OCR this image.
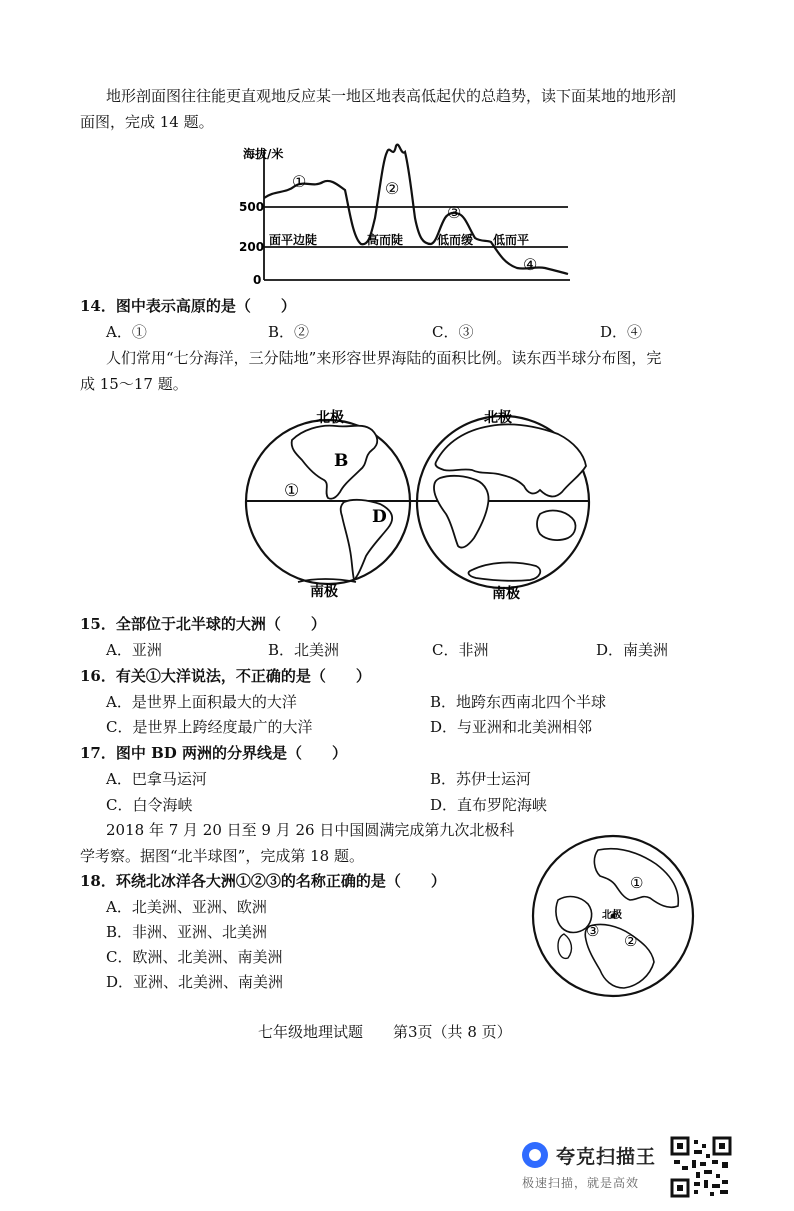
地形剖面图往往能更直观地反应某一地区地表高低起伏的总趋势，读下面某地的地形剖
面图，完成 14 题。
海拔/米
500
200
0
面平边陡	高而陡	低而缓 低而平
①	②
③
④
14．图中表示高原的是（　　）
A．①	B．②	C．③	D．④
人们常用“七分海洋，三分陆地”来形容世界海陆的面积比例。读东西半球分布图，完
成 15～17 题。
北极	北极
南极	南极
B
D
①
15．全部位于北半球的大洲（　　）
A．亚洲	B．北美洲	C．非洲	D．南美洲
16．有关①大洋说法，不正确的是（　　）
A．是世界上面积最大的大洋	B．地跨东西南北四个半球
C．是世界上跨经度最广的大洋	D．与亚洲和北美洲相邻
17．图中 BD 两洲的分界线是（　　）
A．巴拿马运河	B．苏伊士运河
C．白令海峡	D．直布罗陀海峡
2018 年 7 月 20 日至 9 月 26 日中国圆满完成第九次北极科
学考察。据图“北半球图”，完成第 18 题。
北极
①
②
③
18．环绕北冰洋各大洲①②③的名称正确的是（　　）
A．北美洲、亚洲、欧洲
B．非洲、亚洲、北美洲
C．欧洲、北美洲、南美洲
D．亚洲、北美洲、南美洲
七年级地理试题　　第3页（共 8 页）
夸克扫描王
极速扫描，就是高效
